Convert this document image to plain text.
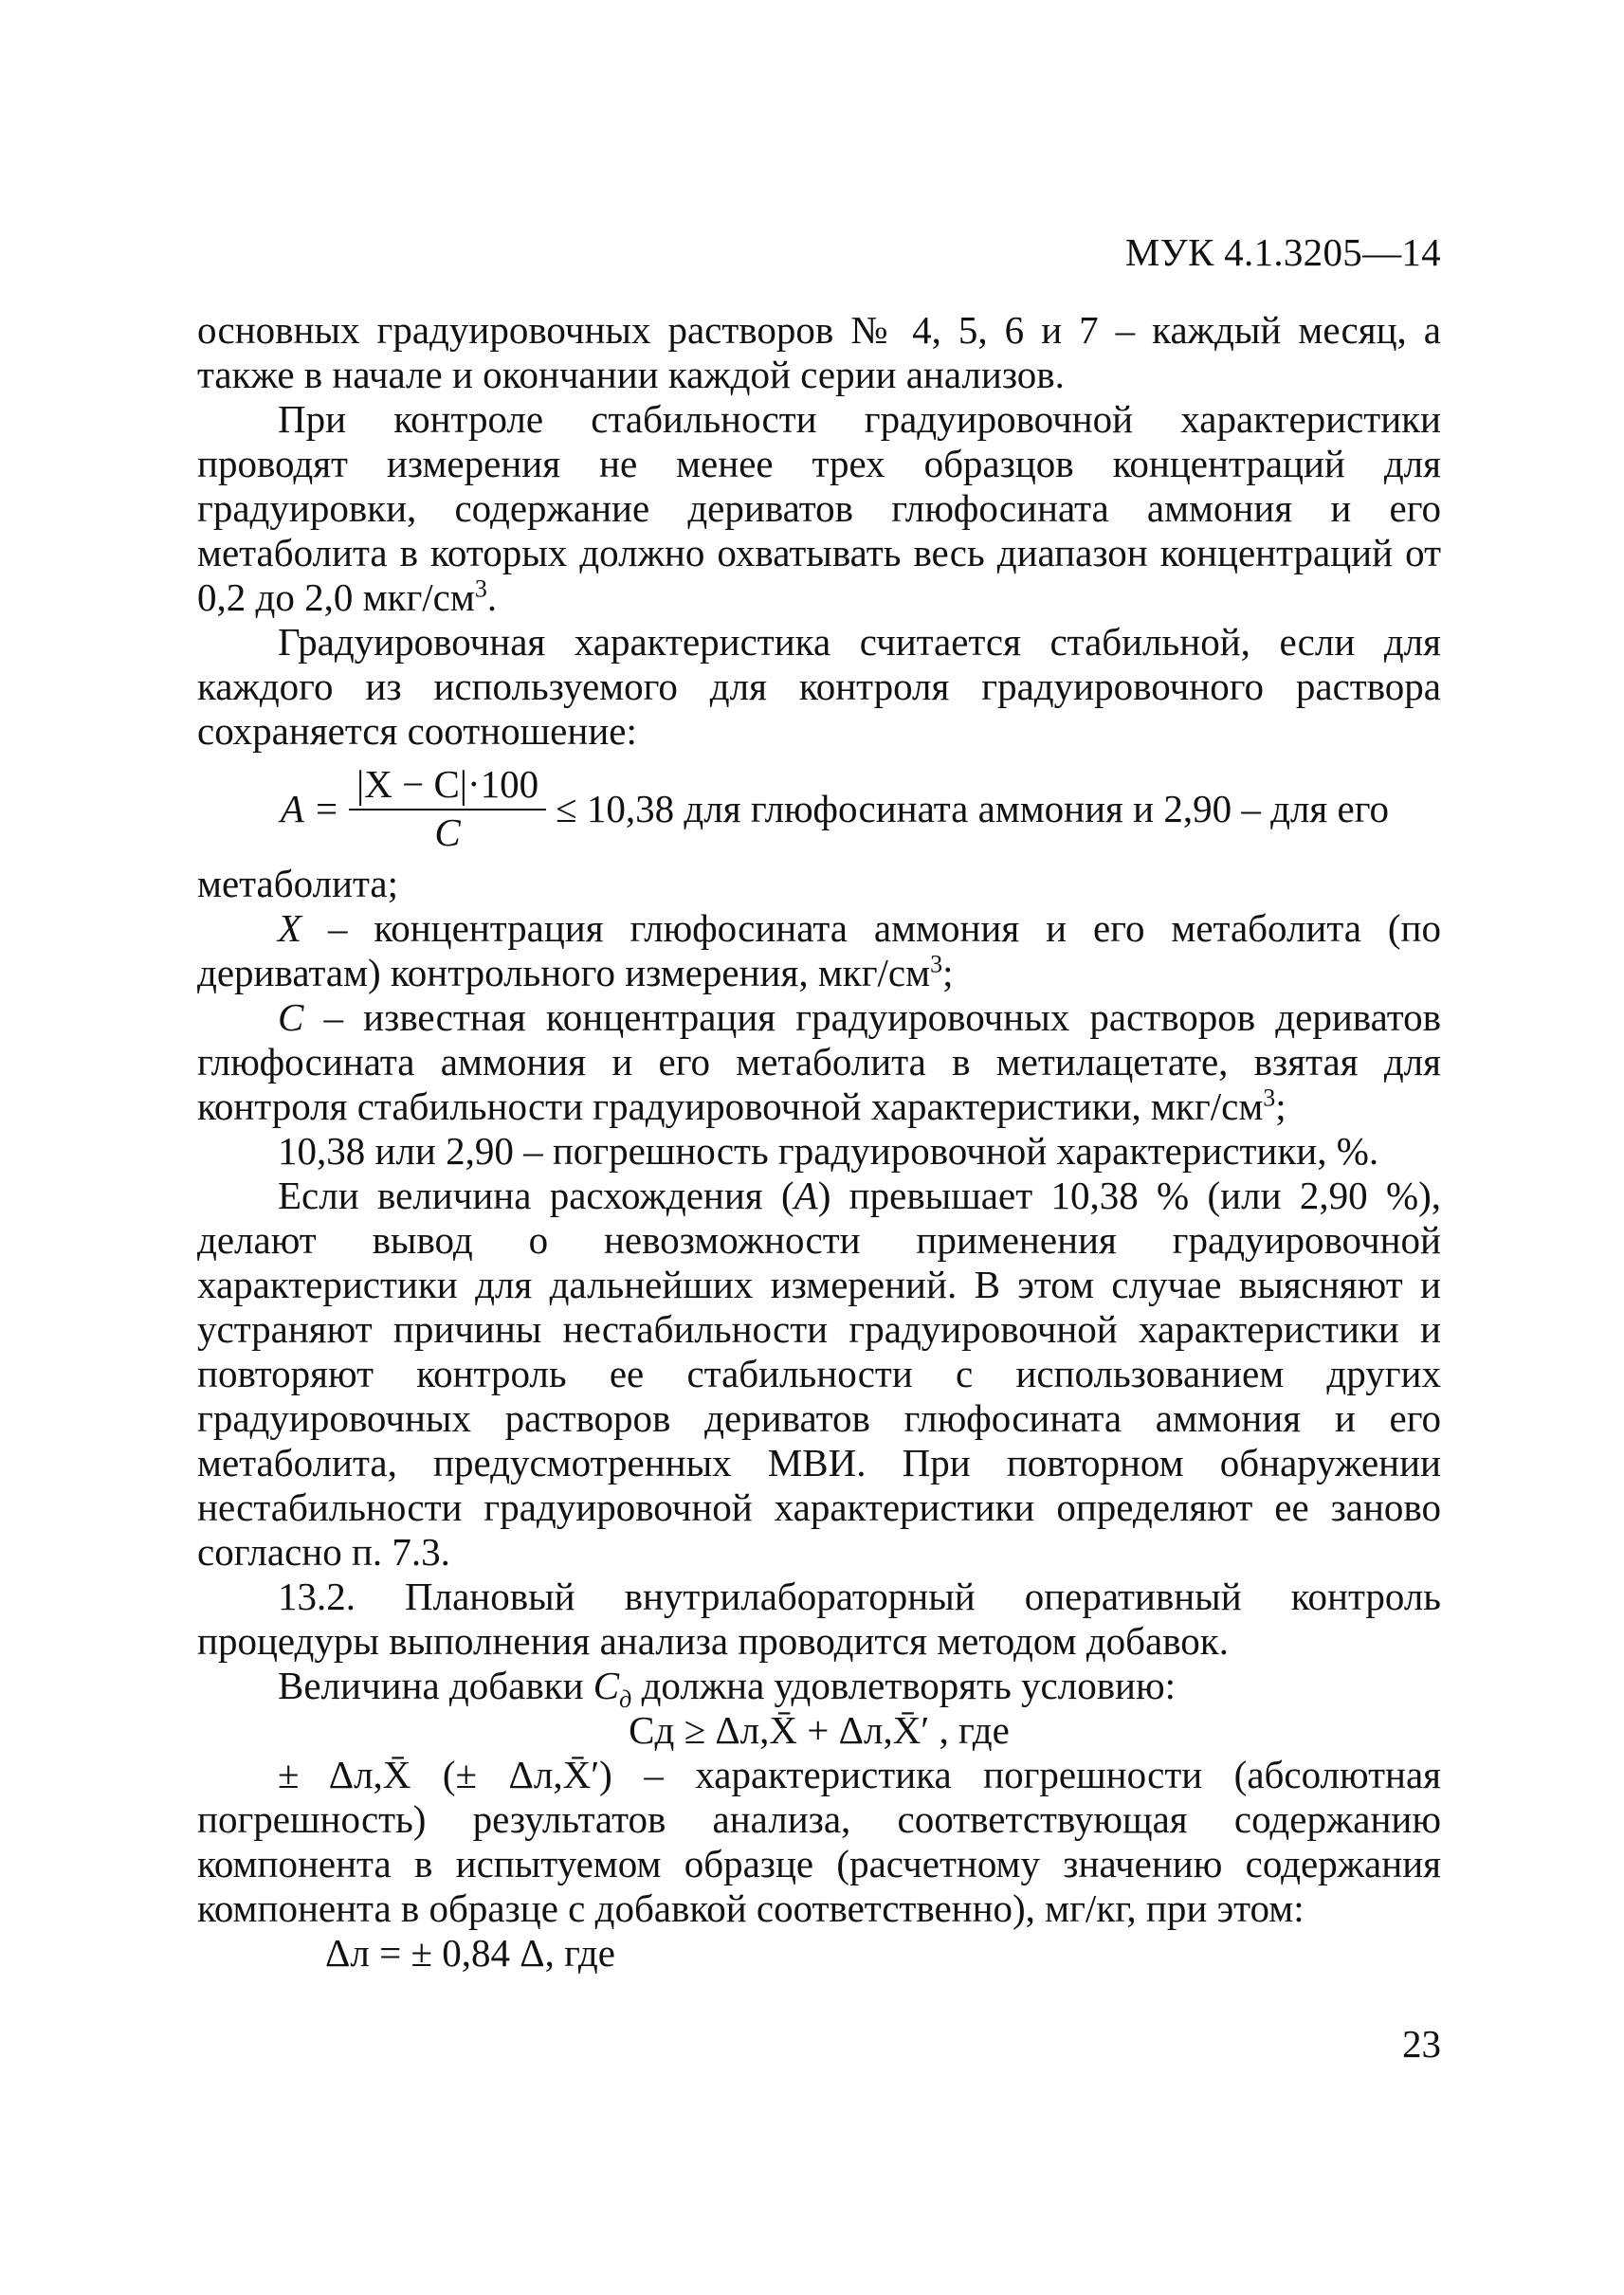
МУК 4.1.3205—14

основных градуировочных растворов № 4, 5, 6 и 7 – каждый месяц, а также в начале и окончании каждой серии анализов.

При контроле стабильности градуировочной характеристики проводят измерения не менее трех образцов концентраций для градуировки, содержание дериватов глюфосината аммония и его метаболита в которых должно охватывать весь диапазон концентраций от 0,2 до 2,0 мкг/$см^3$.

Градуировочная характеристика считается стабильной, если для каждого из используемого для контроля градуировочного раствора сохраняется соотношение:

$A = \frac{|X - C|\cdot 100}{C} \le 10,38$ для глюфосината аммония и 2,90 – для его

метаболита;

X – концентрация глюфосината аммония и его метаболита (по дериватам) контрольного измерения, мкг/$см^3$;

C – известная концентрация градуировочных растворов дериватов глюфосината аммония и его метаболита в метилацетате, взятая для контроля стабильности градуировочной характеристики, мкг/$см^3$;

10,38 или 2,90 – погрешность градуировочной характеристики, %.

Если величина расхождения (A) превышает 10,38 % (или 2,90 %), делают вывод о невозможности применения градуировочной характеристики для дальнейших измерений. В этом случае выясняют и устраняют причины нестабильности градуировочной характеристики и повторяют контроль ее стабильности с использованием других градуировочных растворов дериватов глюфосината аммония и его метаболита, предусмотренных МВИ. При повторном обнаружении нестабильности градуировочной характеристики определяют ее заново согласно п. 7.3.

13.2. Плановый внутрилабораторный оперативный контроль процедуры выполнения анализа проводится методом добавок.

Величина добавки $C_д$ должна удовлетворять условию:

Cд ≥ Δл,X̄ + Δл,X̄′ , где

± Δл,X̄ (± Δл,X̄′) – характеристика погрешности (абсолютная погрешность) результатов анализа, соответствующая содержанию компонента в испытуемом образце (расчетному значению содержания компонента в образце с добавкой соответственно), мг/кг, при этом:

Δл = ± 0,84 Δ, где

23
